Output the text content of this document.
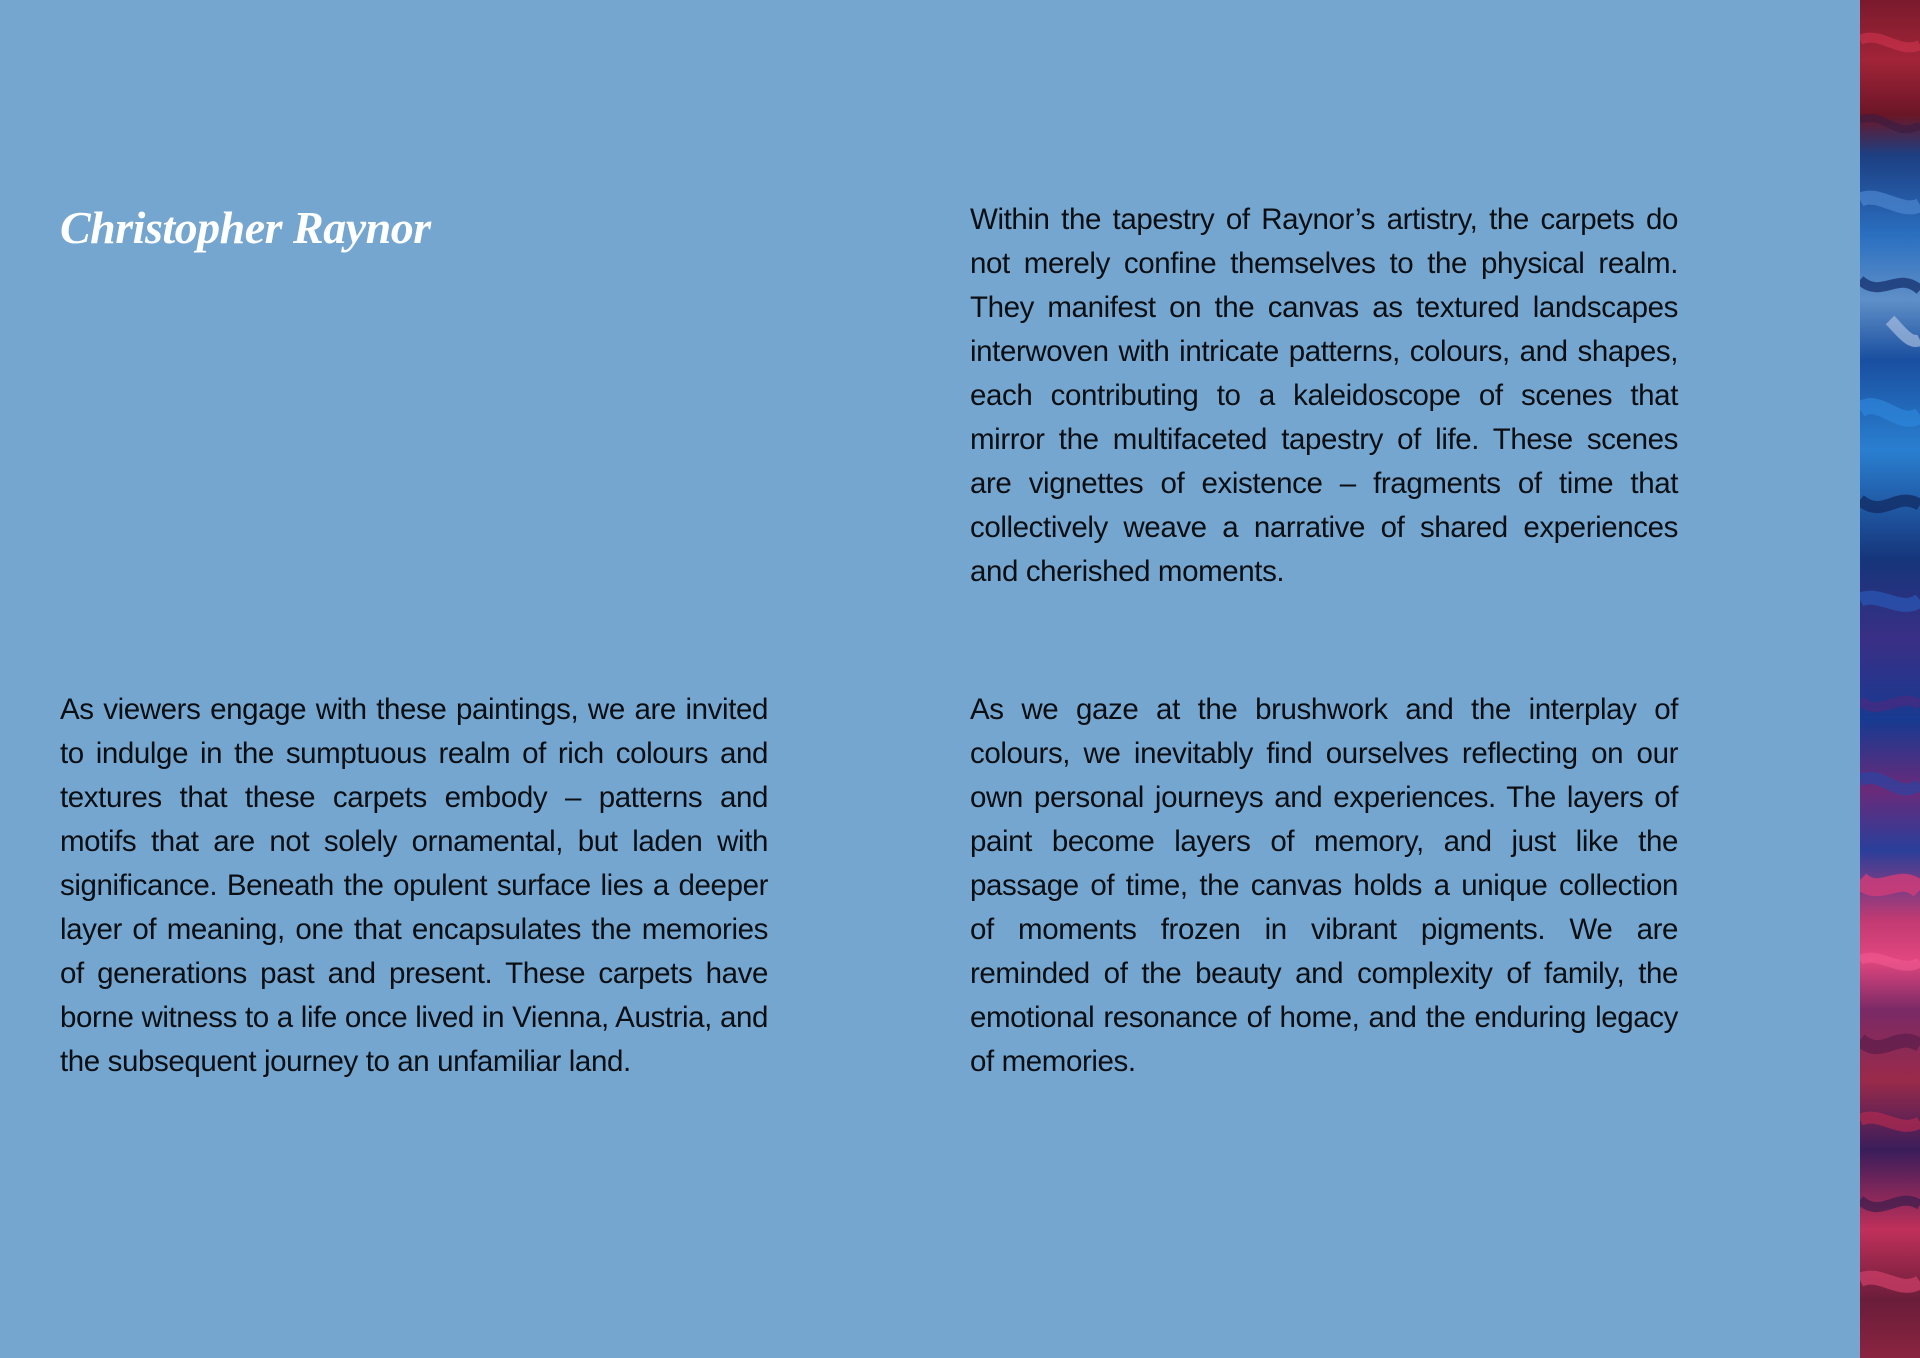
Christopher Raynor	Within the tapestry of Raynor’s artistry, the carpets do not merely confine themselves to the physical realm. They manifest on the canvas as textured landscapes interwoven with intricate patterns, colours, and shapes, each contributing to a kaleidoscope of scenes that mirror the multifaceted tapestry of life. These scenes are vignettes of existence – fragments of time that collectively weave a narrative of shared experiences and cherished moments.

As viewers engage with these paintings, we are invited to indulge in the sumptuous realm of rich colours and textures that these carpets embody – patterns and motifs that are not solely ornamental, but laden with significance. Beneath the opulent surface lies a deeper layer of meaning, one that encapsulates the memories of generations past and present. These carpets have borne witness to a life once lived in Vienna, Austria, and the subsequent journey to an unfamiliar land.

As we gaze at the brushwork and the interplay of colours, we inevitably find ourselves reflecting on our own personal journeys and experiences. The layers of paint become layers of memory, and just like the passage of time, the canvas holds a unique collection of moments frozen in vibrant pigments. We are reminded of the beauty and complexity of family, the emotional resonance of home, and the enduring legacy of memories.
